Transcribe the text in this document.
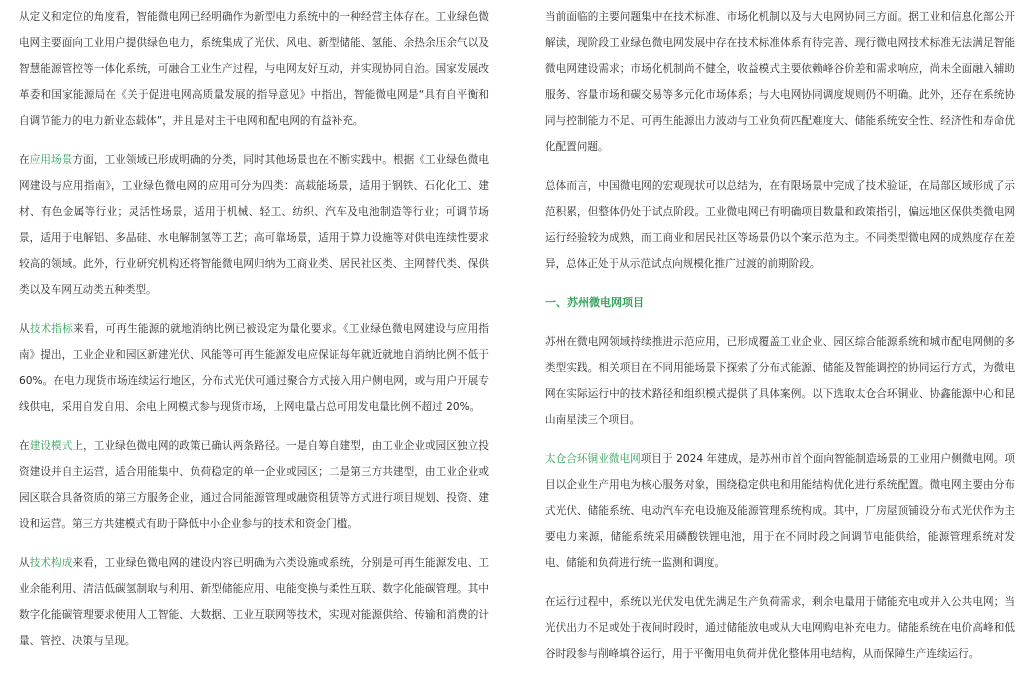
从定义和定位的角度看，智能微电网已经明确作为新型电力系统中的一种经营主体存在。工业绿色微电网主要面向工业用户提供绿色电力，系统集成了光伏、风电、新型储能、氢能、余热余压余气以及智慧能源管控等一体化系统，可融合工业生产过程，与电网友好互动，并实现协同自治。国家发展改革委和国家能源局在《关于促进电网高质量发展的指导意见》中指出，智能微电网是“具有自平衡和自调节能力的电力新业态载体”，并且是对主干电网和配电网的有益补充。

在应用场景方面，工业领域已形成明确的分类，同时其他场景也在不断实践中。根据《工业绿色微电网建设与应用指南》，工业绿色微电网的应用可分为四类：高载能场景，适用于钢铁、石化化工、建材、有色金属等行业；灵活性场景，适用于机械、轻工、纺织、汽车及电池制造等行业；可调节场景，适用于电解铝、多晶硅、水电解制氢等工艺；高可靠场景，适用于算力设施等对供电连续性要求较高的领域。此外，行业研究机构还将智能微电网归纳为工商业类、居民社区类、主网替代类、保供类以及车网互动类五种类型。

从技术指标来看，可再生能源的就地消纳比例已被设定为量化要求。《工业绿色微电网建设与应用指南》提出，工业企业和园区新建光伏、风能等可再生能源发电应保证每年就近就地自消纳比例不低于 60%。在电力现货市场连续运行地区，分布式光伏可通过聚合方式接入用户侧电网，或与用户开展专线供电，采用自发自用、余电上网模式参与现货市场，上网电量占总可用发电量比例不超过 20%。

在建设模式上，工业绿色微电网的政策已确认两条路径。一是自筹自建型，由工业企业或园区独立投资建设并自主运营，适合用能集中、负荷稳定的单一企业或园区；二是第三方共建型，由工业企业或园区联合具备资质的第三方服务企业，通过合同能源管理或融资租赁等方式进行项目规划、投资、建设和运营。第三方共建模式有助于降低中小企业参与的技术和资金门槛。

从技术构成来看，工业绿色微电网的建设内容已明确为六类设施或系统，分别是可再生能源发电、工业余能利用、清洁低碳氢制取与利用、新型储能应用、电能变换与柔性互联、数字化能碳管理。其中数字化能碳管理要求使用人工智能、大数据、工业互联网等技术，实现对能源供给、传输和消费的计量、管控、决策与呈现。

当前面临的主要问题集中在技术标准、市场化机制以及与大电网协同三方面。据工业和信息化部公开解读，现阶段工业绿色微电网发展中存在技术标准体系有待完善、现行微电网技术标准无法满足智能微电网建设需求；市场化机制尚不健全，收益模式主要依赖峰谷价差和需求响应，尚未全面融入辅助服务、容量市场和碳交易等多元化市场体系；与大电网协同调度规则仍不明确。此外，还存在系统协同与控制能力不足、可再生能源出力波动与工业负荷匹配难度大、储能系统安全性、经济性和寿命优化配置问题。

总体而言，中国微电网的宏观现状可以总结为，在有限场景中完成了技术验证，在局部区域形成了示范积累，但整体仍处于试点阶段。工业微电网已有明确项目数量和政策指引，偏远地区保供类微电网运行经验较为成熟，而工商业和居民社区等场景仍以个案示范为主。不同类型微电网的成熟度存在差异，总体正处于从示范试点向规模化推广过渡的前期阶段。

一、苏州微电网项目

苏州在微电网领域持续推进示范应用，已形成覆盖工业企业、园区综合能源系统和城市配电网侧的多类型实践。相关项目在不同用能场景下探索了分布式能源、储能及智能调控的协同运行方式，为微电网在实际运行中的技术路径和组织模式提供了具体案例。以下选取太仓合环铜业、协鑫能源中心和昆山南星渎三个项目。

太仓合环铜业微电网项目于 2024 年建成，是苏州市首个面向智能制造场景的工业用户侧微电网。项目以企业生产用电为核心服务对象，围绕稳定供电和用能结构优化进行系统配置。微电网主要由分布式光伏、储能系统、电动汽车充电设施及能源管理系统构成。其中，厂房屋顶铺设分布式光伏作为主要电力来源，储能系统采用磷酸铁锂电池，用于在不同时段之间调节电能供给，能源管理系统对发电、储能和负荷进行统一监测和调度。

在运行过程中，系统以光伏发电优先满足生产负荷需求，剩余电量用于储能充电或并入公共电网；当光伏出力不足或处于夜间时段时，通过储能放电或从大电网购电补充电力。储能系统在电价高峰和低谷时段参与削峰填谷运行，用于平衡用电负荷并优化整体用电结构，从而保障生产连续运行。
